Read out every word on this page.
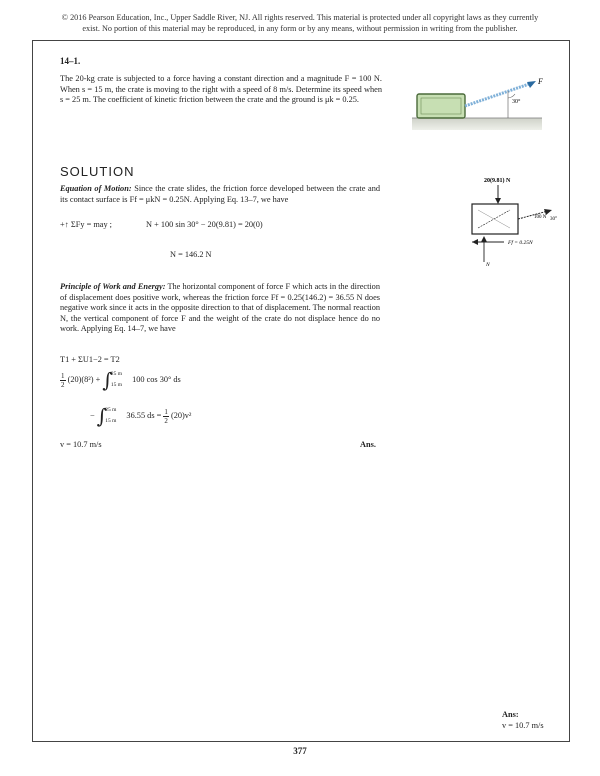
© 2016 Pearson Education, Inc., Upper Saddle River, NJ. All rights reserved. This material is protected under all copyright laws as they currently
exist. No portion of this material may be reproduced, in any form or by any means, without permission in writing from the publisher.
14–1.
The 20-kg crate is subjected to a force having a constant direction and a magnitude F = 100 N. When s = 15 m, the crate is moving to the right with a speed of 8 m/s. Determine its speed when s = 25 m. The coefficient of kinetic friction between the crate and the ground is μk = 0.25.
F
30°
20(9.81) N
100 N 30°
Ff = 0.25N
N
SOLUTION
Equation of Motion: Since the crate slides, the friction force developed between the crate and its contact surface is Ff = μkN = 0.25N. Applying Eq. 13–7, we have
+↑ ΣFy = may ;	N + 100 sin 30° − 20(9.81) = 20(0)
N = 146.2 N
Principle of Work and Energy: The horizontal component of force F which acts in the direction of displacement does positive work, whereas the friction force Ff = 0.25(146.2) = 36.55 N does negative work since it acts in the opposite direction to that of displacement. The normal reaction N, the vertical component of force F and the weight of the crate do not displace hence do no work. Applying Eq. 14–7, we have
T1 + ΣU1−2 = T2
$\frac{1}{2} (20)(8^2) + \int 25$ m

15 m 100 cos 30° ds
− ∫25 m

15 m 36.55 ds = $\frac{1}{2} (20)v^2$
v = 10.7 m/s	Ans.
Ans:
v = 10.7 m/s
377
